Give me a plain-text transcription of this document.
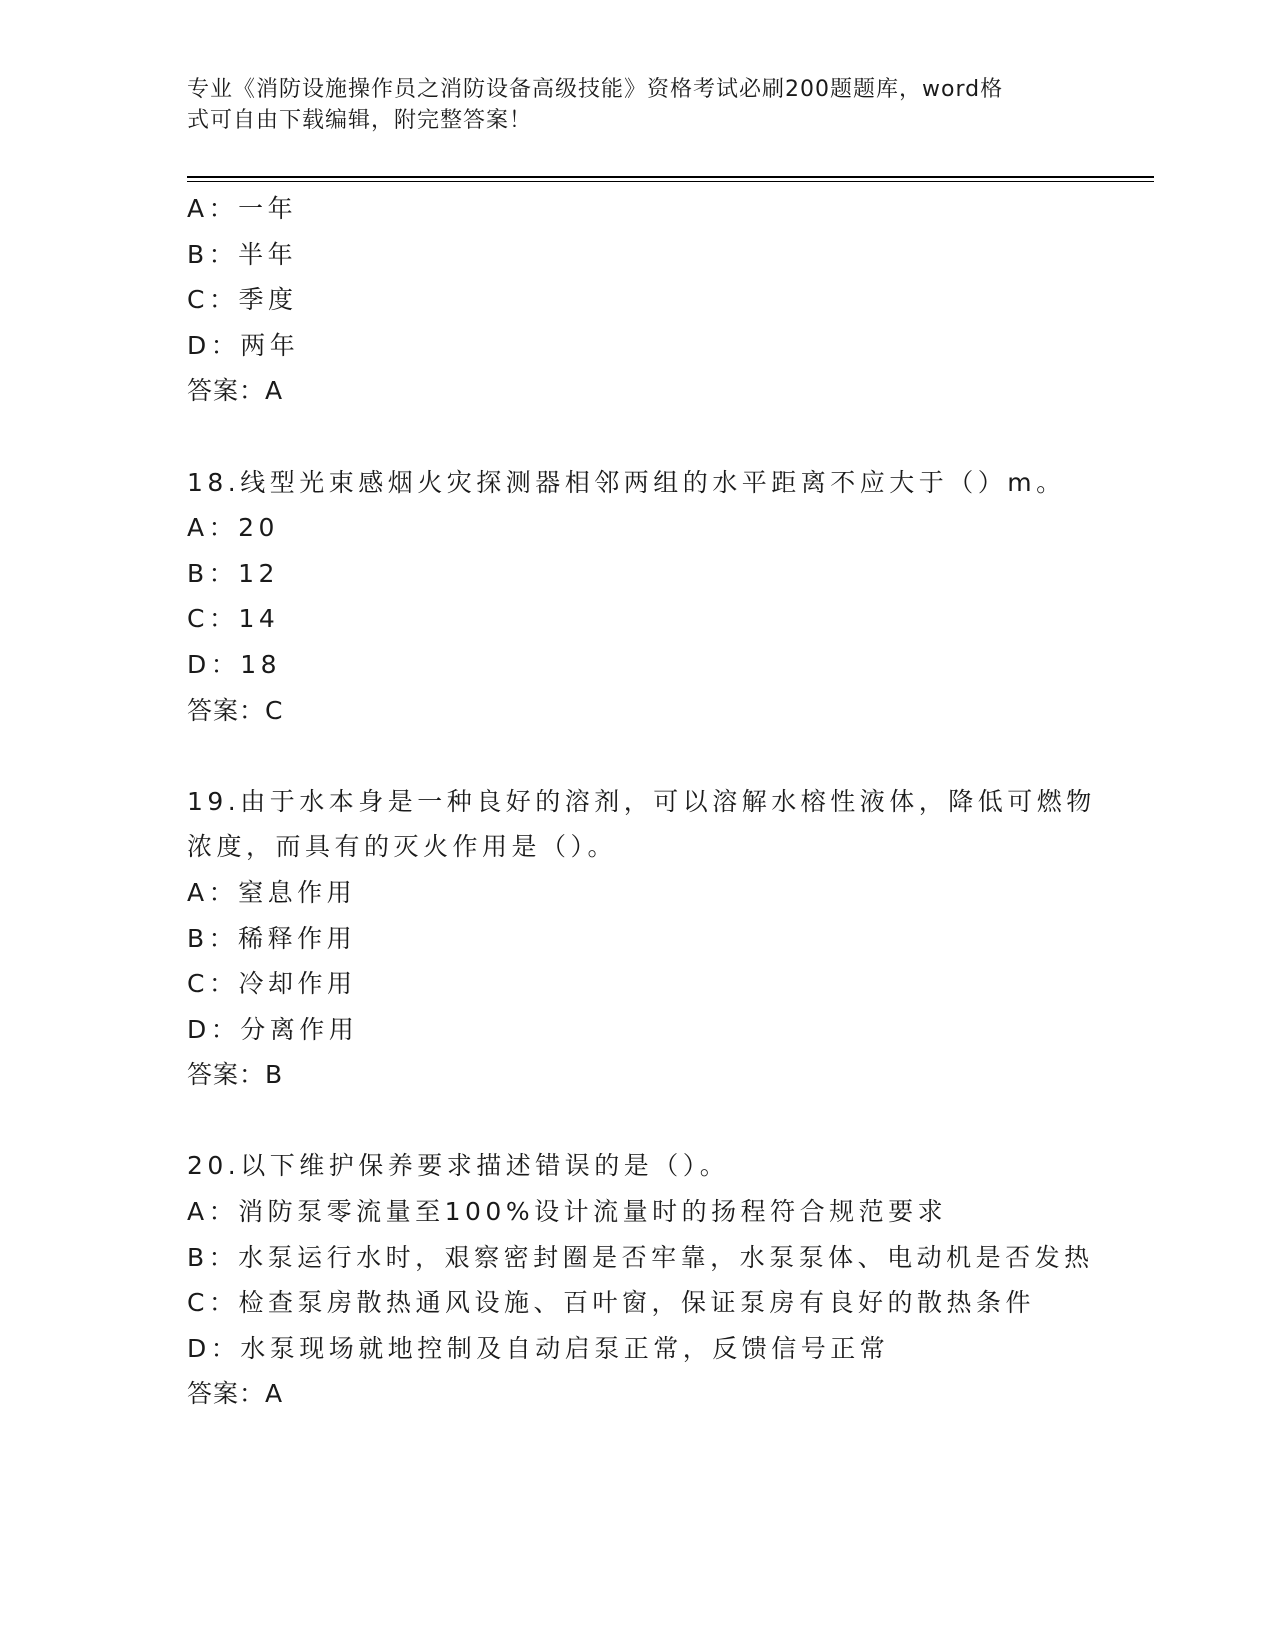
专业《消防设施操作员之消防设备高级技能》资格考试必刷200题题库，word格
式可自由下载编辑，附完整答案！
A：一年
B：半年
C：季度
D：两年
答案：A
18.线型光束感烟火灾探测器相邻两组的水平距离不应大于（）m。
A：20
B：12
C：14
D：18
答案：C
19.由于水本身是一种良好的溶剂，可以溶解水榕性液体，降低可燃物
浓度，而具有的灭火作用是（）。
A：窒息作用
B：稀释作用
C：冷却作用
D：分离作用
答案：B
20.以下维护保养要求描述错误的是（）。
A：消防泵零流量至100%设计流量时的扬程符合规范要求
B：水泵运行水时，艰察密封圈是否牢靠，水泵泵体、电动机是否发热
C：检查泵房散热通风设施、百叶窗，保证泵房有良好的散热条件
D：水泵现场就地控制及自动启泵正常，反馈信号正常
答案：A
